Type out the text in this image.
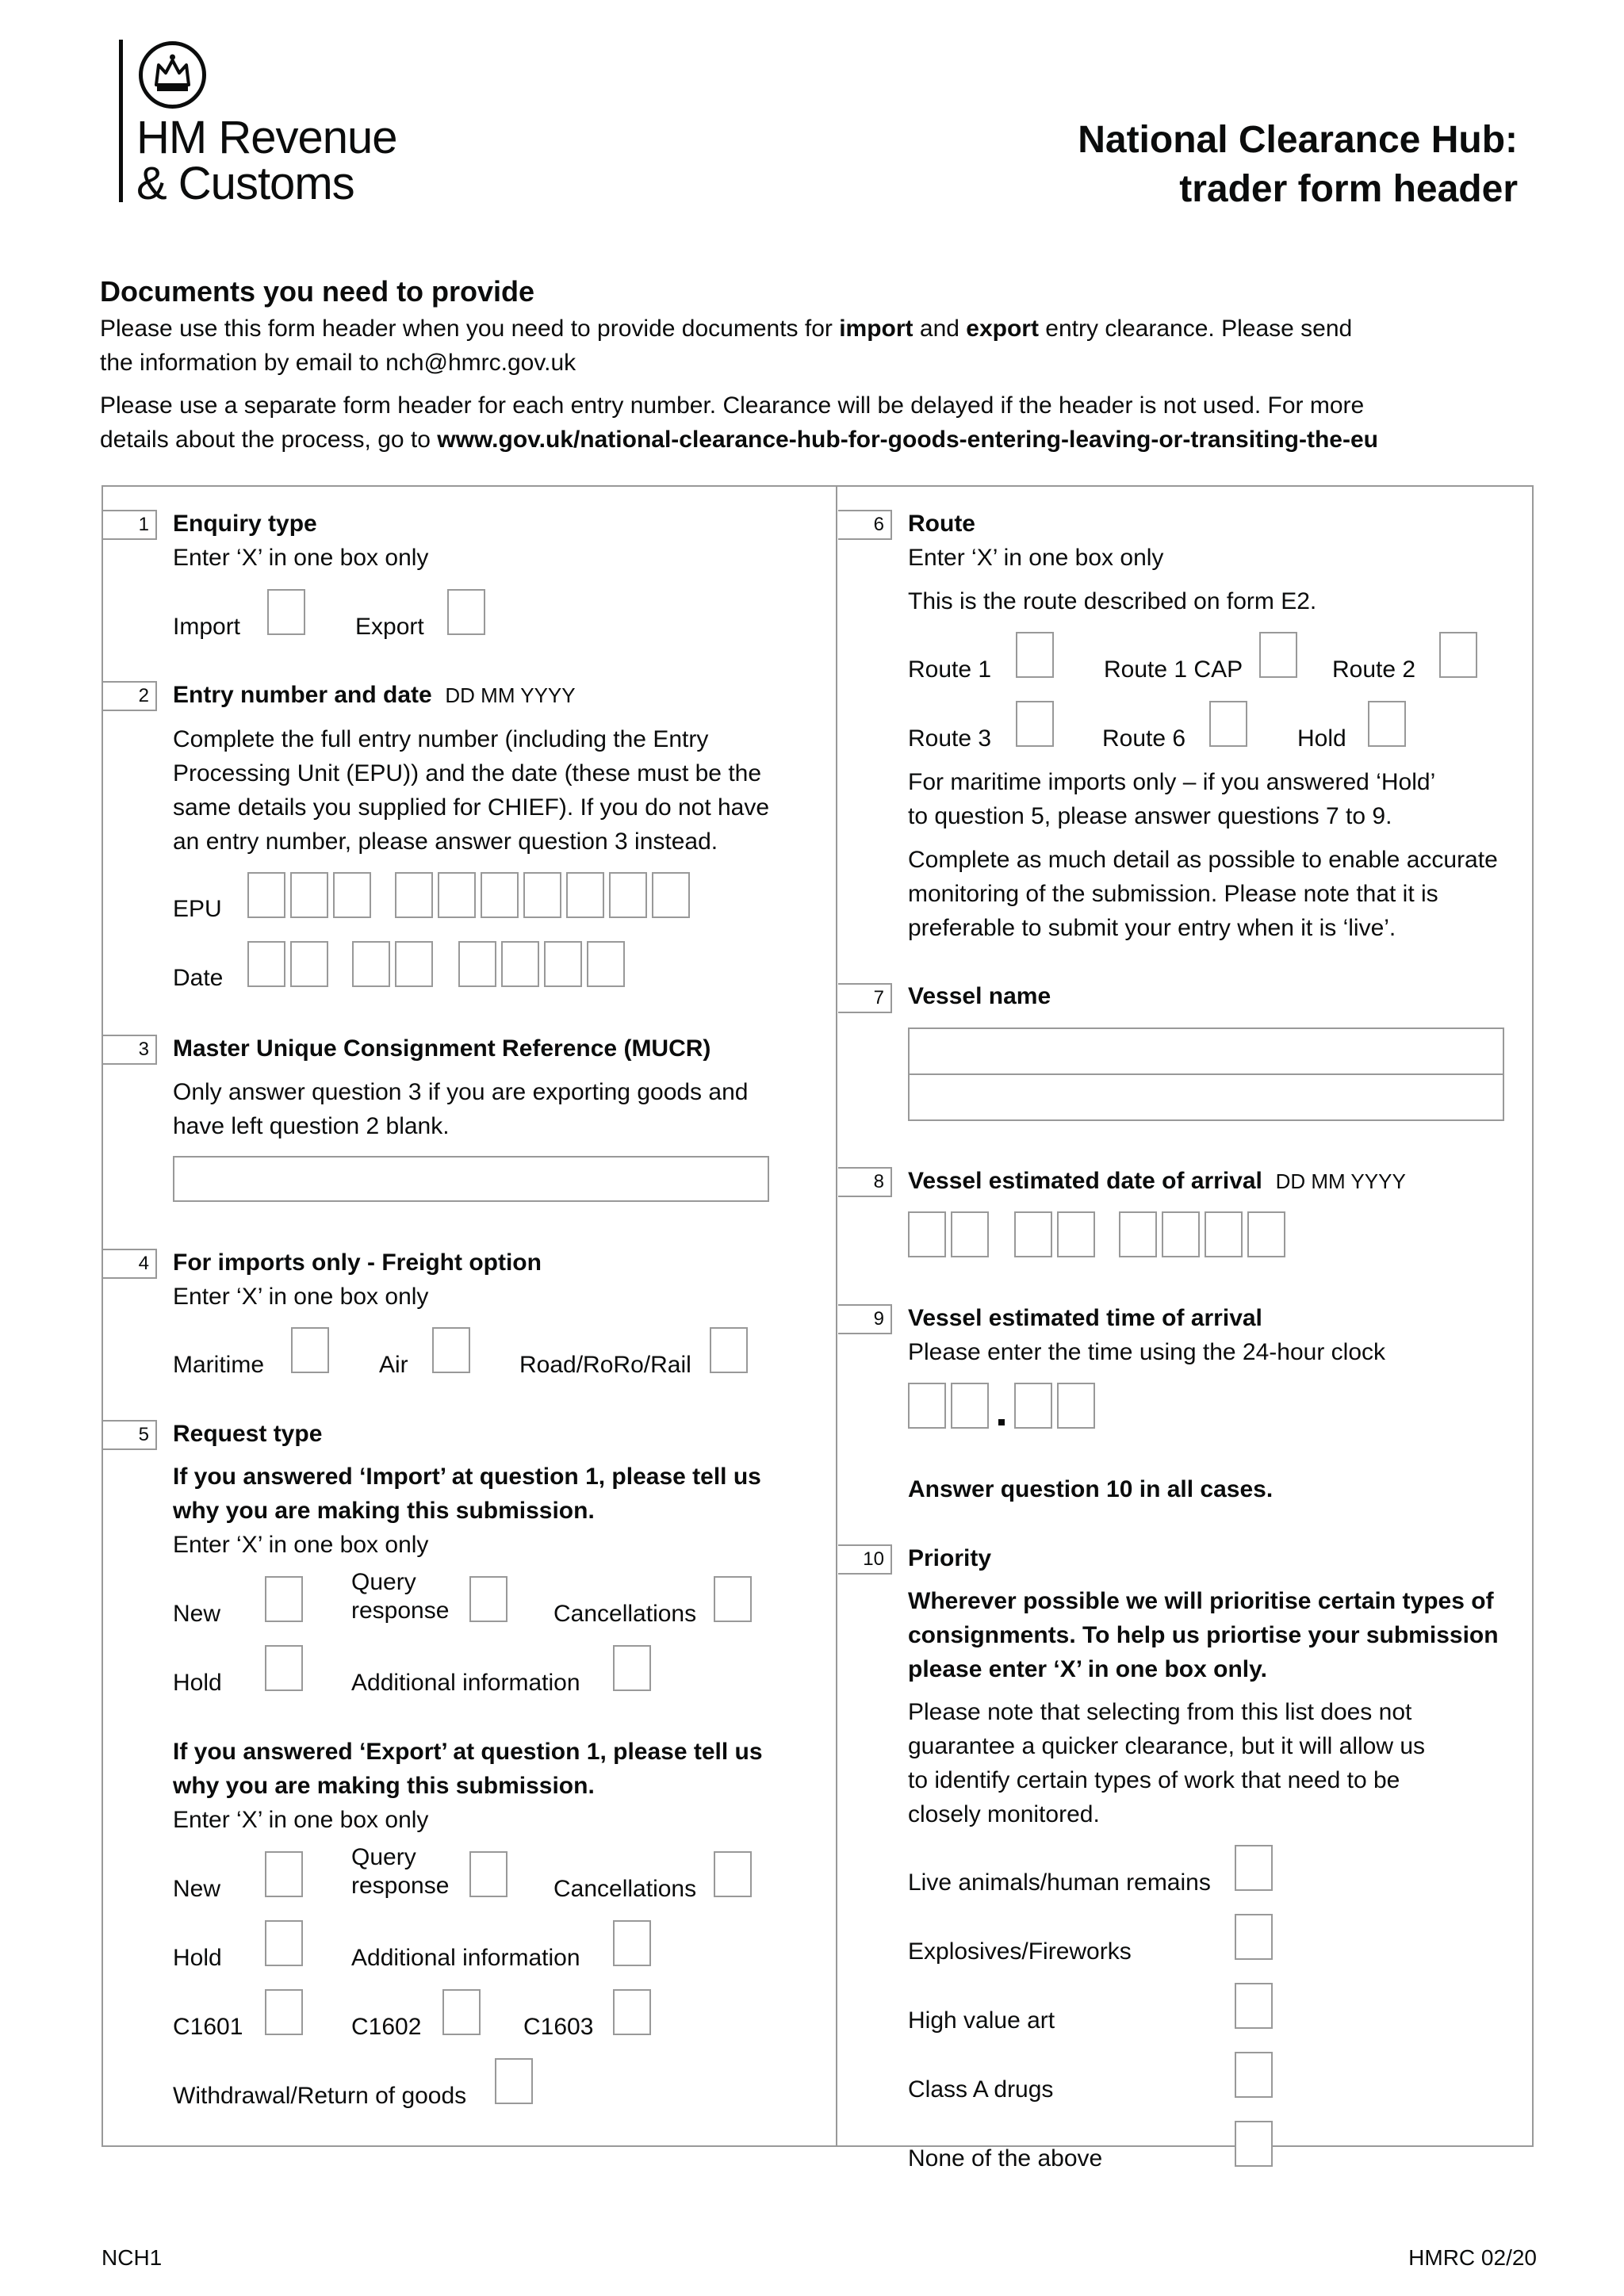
HM Revenue
& Customs
National Clearance Hub:
trader form header
Documents you need to provide
Please use this form header when you need to provide documents for import and export entry clearance. Please send
the information by email to nch@hmrc.gov.uk
Please use a separate form header for each entry number. Clearance will be delayed if the header is not used. For more
details about the process, go to www.gov.uk/national-clearance-hub-for-goods-entering-leaving-or-transiting-the-eu
1	Enquiry type
Enter ‘X’ in one box only
Import	Export
2	Entry number and date DD MM YYYY
Complete the full entry number (including the Entry
Processing Unit (EPU)) and the date (these must be the
same details you supplied for CHIEF). If you do not have
an entry number, please answer question 3 instead.
EPU
Date
3	Master Unique Consignment Reference (MUCR)
Only answer question 3 if you are exporting goods and
have left question 2 blank.
4	For imports only - Freight option
Enter ‘X’ in one box only
Maritime	Air	Road/RoRo/Rail
5	Request type
If you answered ‘Import’ at question 1, please tell us
why you are making this submission.
Enter ‘X’ in one box only
New
Query
response	Cancellations
Hold	Additional information
If you answered ‘Export’ at question 1, please tell us
why you are making this submission.
Enter ‘X’ in one box only
New
Query
response	Cancellations
Hold	Additional information
C1601	C1602	C1603
Withdrawal/Return of goods
6	Route
Enter ‘X’ in one box only
This is the route described on form E2.
Route 1	Route 1 CAP	Route 2
Route 3	Route 6	Hold
For maritime imports only – if you answered ‘Hold’
to question 5, please answer questions 7 to 9.
Complete as much detail as possible to enable accurate
monitoring of the submission. Please note that it is
preferable to submit your entry when it is ‘live’.
7	Vessel name
8	Vessel estimated date of arrival DD MM YYYY
9	Vessel estimated time of arrival
Please enter the time using the 24-hour clock
Answer question 10 in all cases.
10	Priority
Wherever possible we will prioritise certain types of
consignments. To help us priortise your submission
please enter ‘X’ in one box only.
Please note that selecting from this list does not
guarantee a quicker clearance, but it will allow us
to identify certain types of work that need to be
closely monitored.
Live animals/human remains
Explosives/Fireworks
High value art
Class A drugs
None of the above
NCH1	HMRC 02/20
